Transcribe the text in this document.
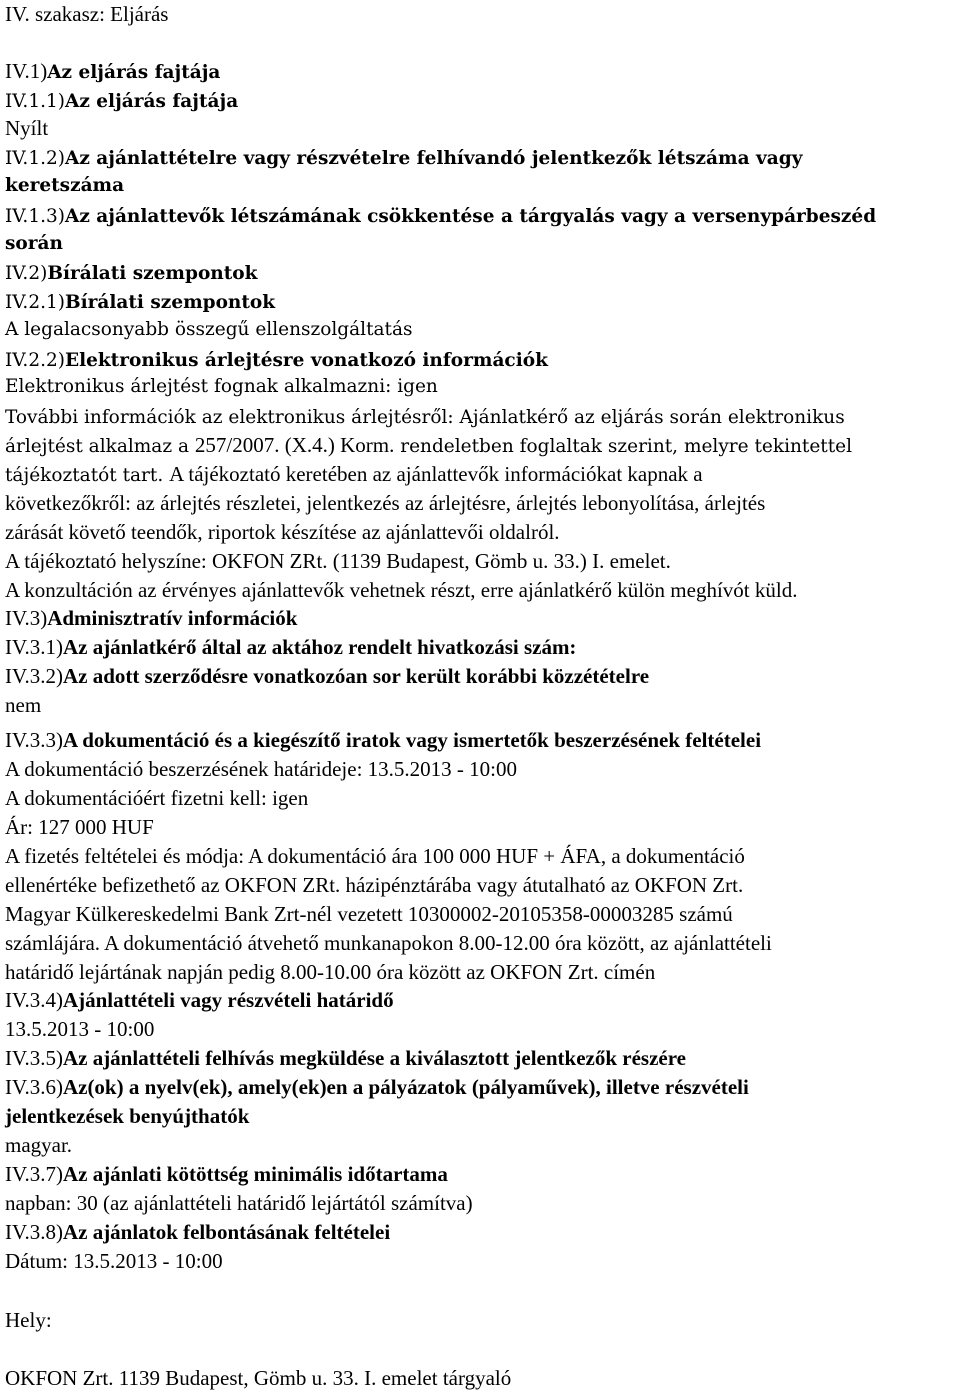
IV. szakasz: Eljárás
IV.1)Az eljárás fajtája
IV.1.1)Az eljárás fajtája
Nyílt
IV.1.2)Az ajánlattételre vagy részvételre felhívandó jelentkezők létszáma vagy
keretszáma
IV.1.3)Az ajánlattevők létszámának csökkentése a tárgyalás vagy a versenypárbeszéd
során
IV.2)Bírálati szempontok
IV.2.1)Bírálati szempontok
A legalacsonyabb összegű ellenszolgáltatás
IV.2.2)Elektronikus árlejtésre vonatkozó információk
Elektronikus árlejtést fognak alkalmazni: igen
További információk az elektronikus árlejtésről: Ajánlatkérő az eljárás során elektronikus
árlejtést alkalmaz a 257/2007. (X.4.) Korm. rendeletben foglaltak szerint, melyre tekintettel
tájékoztatót tart. A tájékoztató keretében az ajánlattevők információkat kapnak a
következőkről: az árlejtés részletei, jelentkezés az árlejtésre, árlejtés lebonyolítása, árlejtés
zárását követő teendők, riportok készítése az ajánlattevői oldalról.
A tájékoztató helyszíne: OKFON ZRt. (1139 Budapest, Gömb u. 33.) I. emelet.
A konzultáción az érvényes ajánlattevők vehetnek részt, erre ajánlatkérő külön meghívót küld.
IV.3)Adminisztratív információk
IV.3.1)Az ajánlatkérő által az aktához rendelt hivatkozási szám:
IV.3.2)Az adott szerződésre vonatkozóan sor került korábbi közzétételre
nem
IV.3.3)A dokumentáció és a kiegészítő iratok vagy ismertetők beszerzésének feltételei
A dokumentáció beszerzésének határideje: 13.5.2013 - 10:00
A dokumentációért fizetni kell: igen
Ár: 127 000 HUF
A fizetés feltételei és módja: A dokumentáció ára 100 000 HUF + ÁFA, a dokumentáció
ellenértéke befizethető az OKFON ZRt. házipénztárába vagy átutalható az OKFON Zrt.
Magyar Külkereskedelmi Bank Zrt-nél vezetett 10300002-20105358-00003285 számú
számlájára. A dokumentáció átvehető munkanapokon 8.00-12.00 óra között, az ajánlattételi
határidő lejártának napján pedig 8.00-10.00 óra között az OKFON Zrt. címén
IV.3.4)Ajánlattételi vagy részvételi határidő
13.5.2013 - 10:00
IV.3.5)Az ajánlattételi felhívás megküldése a kiválasztott jelentkezők részére
IV.3.6)Az(ok) a nyelv(ek), amely(ek)en a pályázatok (pályaművek), illetve részvételi
jelentkezések benyújthatók
magyar.
IV.3.7)Az ajánlati kötöttség minimális időtartama
napban: 30 (az ajánlattételi határidő lejártától számítva)
IV.3.8)Az ajánlatok felbontásának feltételei
Dátum: 13.5.2013 - 10:00
Hely:
OKFON Zrt. 1139 Budapest, Gömb u. 33. I. emelet tárgyaló
